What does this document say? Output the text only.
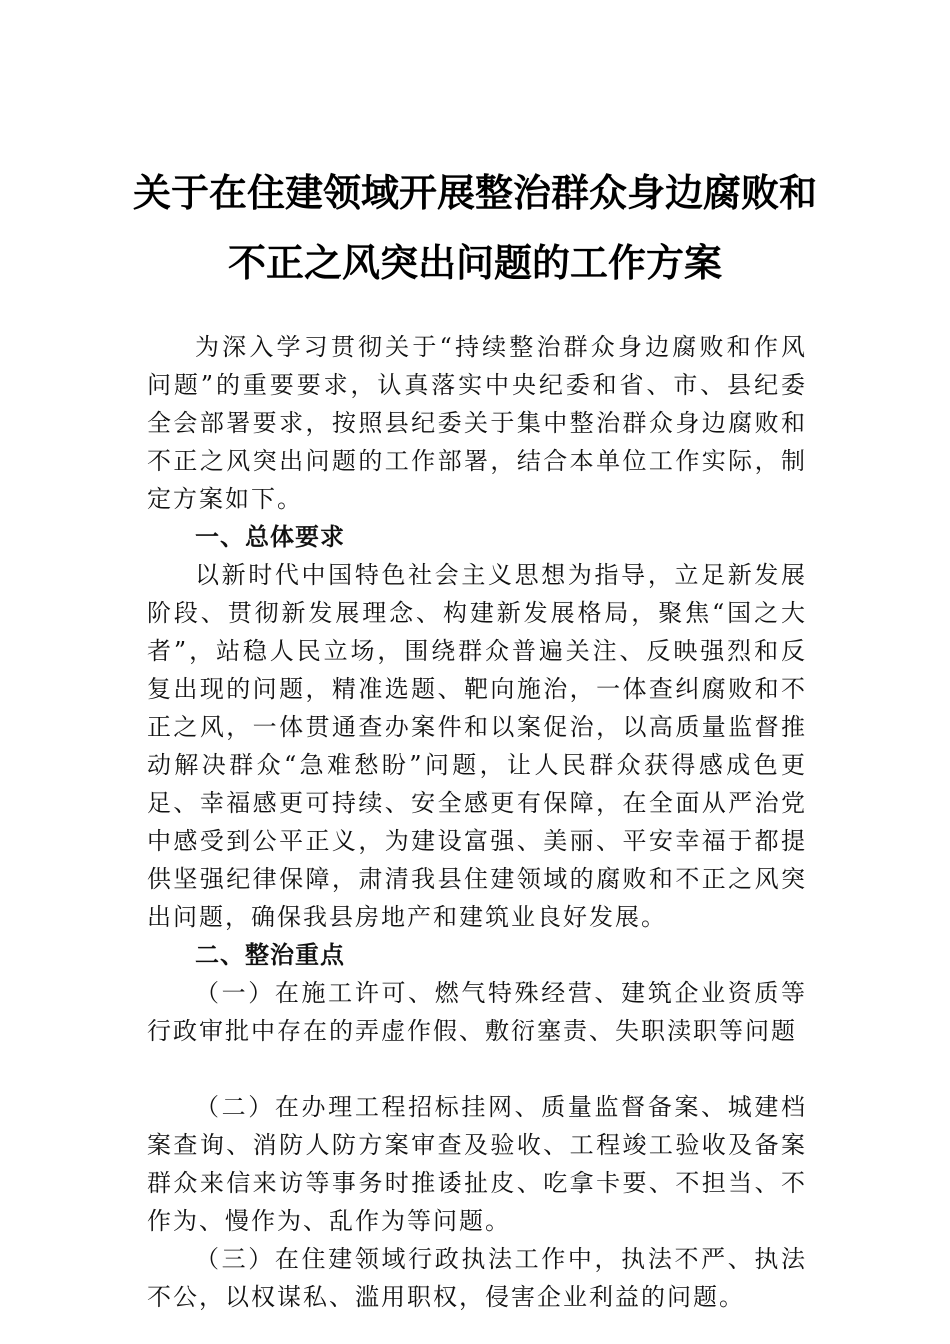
关于在住建领域开展整治群众身边腐败和
不正之风突出问题的工作方案

为深入学习贯彻关于“持续整治群众身边腐败和作风问题”的重要要求，认真落实中央纪委和省、市、县纪委全会部署要求，按照县纪委关于集中整治群众身边腐败和不正之风突出问题的工作部署，结合本单位工作实际，制定方案如下。

一、总体要求

以新时代中国特色社会主义思想为指导，立足新发展阶段、贯彻新发展理念、构建新发展格局，聚焦“国之大者”，站稳人民立场，围绕群众普遍关注、反映强烈和反复出现的问题，精准选题、靶向施治，一体查纠腐败和不正之风，一体贯通查办案件和以案促治，以高质量监督推动解决群众“急难愁盼”问题，让人民群众获得感成色更足、幸福感更可持续、安全感更有保障，在全面从严治党中感受到公平正义，为建设富强、美丽、平安幸福于都提供坚强纪律保障，肃清我县住建领域的腐败和不正之风突出问题，确保我县房地产和建筑业良好发展。

二、整治重点

（一）在施工许可、燃气特殊经营、建筑企业资质等行政审批中存在的弄虚作假、敷衍塞责、失职渎职等问题

（二）在办理工程招标挂网、质量监督备案、城建档案查询、消防人防方案审查及验收、工程竣工验收及备案群众来信来访等事务时推诿扯皮、吃拿卡要、不担当、不作为、慢作为、乱作为等问题。

（三）在住建领域行政执法工作中，执法不严、执法不公，以权谋私、滥用职权，侵害企业利益的问题。
